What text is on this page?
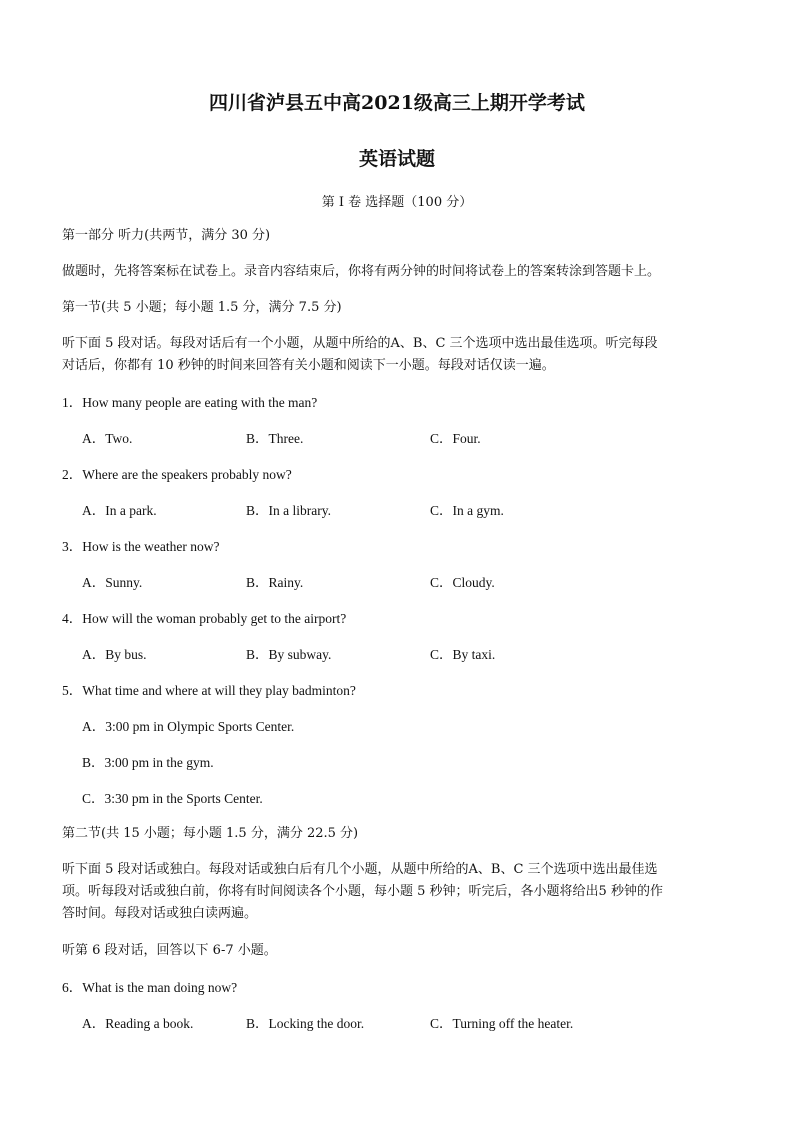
四川省泸县五中高2021级高三上期开学考试
英语试题
第 I 卷 选择题（100 分）

第一部分 听力(共两节，满分 30 分)

做题时，先将答案标在试卷上。录音内容结束后，你将有两分钟的时间将试卷上的答案转涂到答题卡上。

第一节(共 5 小题；每小题 1.5 分，满分 7.5 分)

听下面 5 段对话。每段对话后有一个小题，从题中所给的A、B、C 三个选项中选出最佳选项。听完每段

对话后，你都有 10 秒钟的时间来回答有关小题和阅读下一小题。每段对话仅读一遍。

1．How many people are eating with the man?

A．Two.	B．Three.	C．Four.

2．Where are the speakers probably now?

A．In a park.	B．In a library.	C．In a gym.

3．How is the weather now?

A．Sunny.	B．Rainy.	C．Cloudy.

4．How will the woman probably get to the airport?

A．By bus.	B．By subway.	C．By taxi.

5．What time and where at will they play badminton?

A．3:00 pm in Olympic Sports Center.
B．3:00 pm in the gym.
C．3:30 pm in the Sports Center.

第二节(共 15 小题；每小题 1.5 分，满分 22.5 分)

听下面 5 段对话或独白。每段对话或独白后有几个小题，从题中所给的A、B、C 三个选项中选出最佳选

项。听每段对话或独白前，你将有时间阅读各个小题，每小题 5 秒钟；听完后，各小题将给出5 秒钟的作

答时间。每段对话或独白读两遍。

听第 6 段对话，回答以下 6-7 小题。

6．What is the man doing now?

A．Reading a book.	B．Locking the door.	C．Turning off the heater.
